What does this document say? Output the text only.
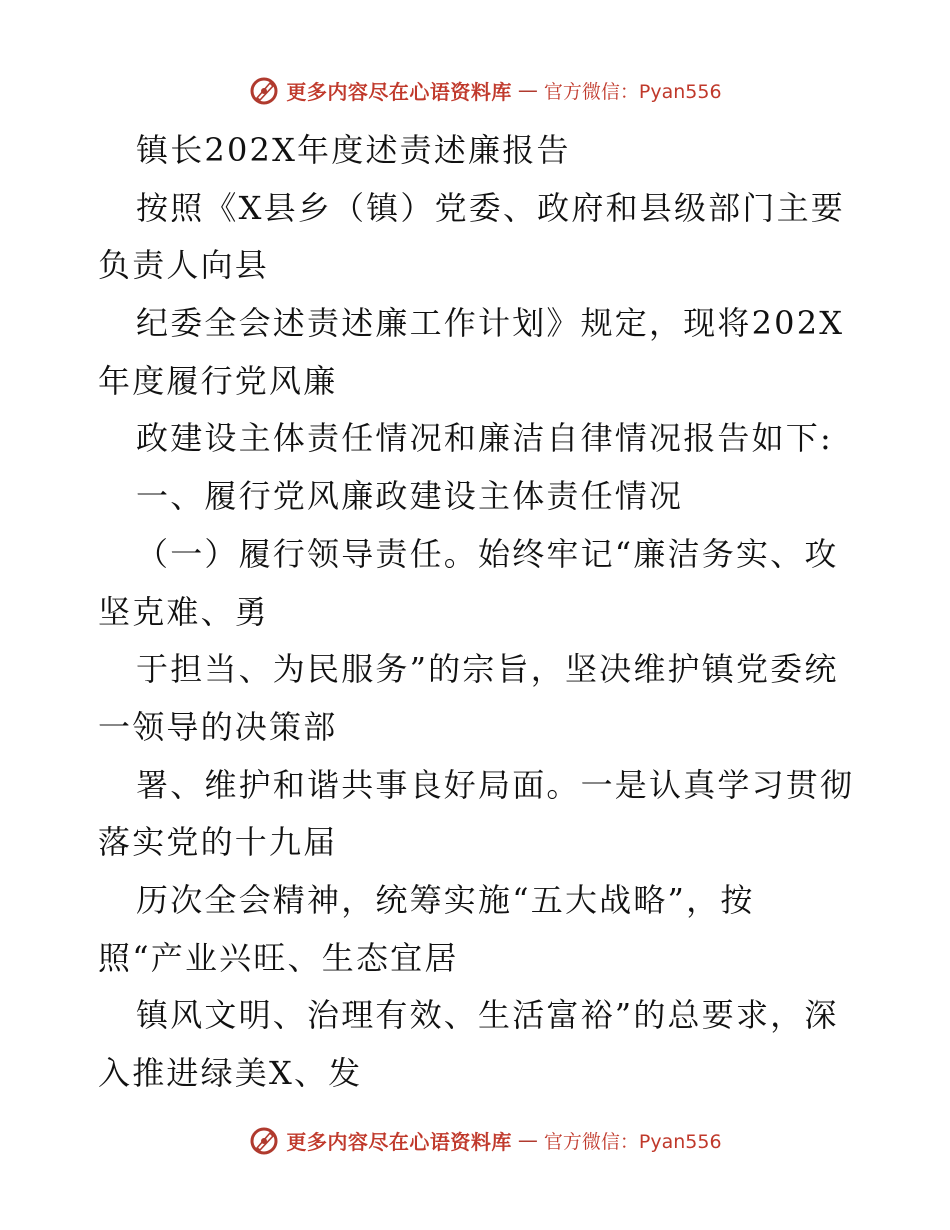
更多内容尽在心语资料库 — 官方微信：Pyan556
镇长202X年度述责述廉报告
按照《X县乡（镇）党委、政府和县级部门主要
负责人向县
纪委全会述责述廉工作计划》规定，现将202X
年度履行党风廉
政建设主体责任情况和廉洁自律情况报告如下:
一、履行党风廉政建设主体责任情况
（一）履行领导责任。始终牢记“廉洁务实、攻
坚克难、勇
于担当、为民服务”的宗旨，坚决维护镇党委统
一领导的决策部
署、维护和谐共事良好局面。一是认真学习贯彻
落实党的十九届
历次全会精神，统筹实施“五大战略”，按
照“产业兴旺、生态宜居
镇风文明、治理有效、生活富裕”的总要求，深
入推进绿美X、发
更多内容尽在心语资料库 — 官方微信：Pyan556
